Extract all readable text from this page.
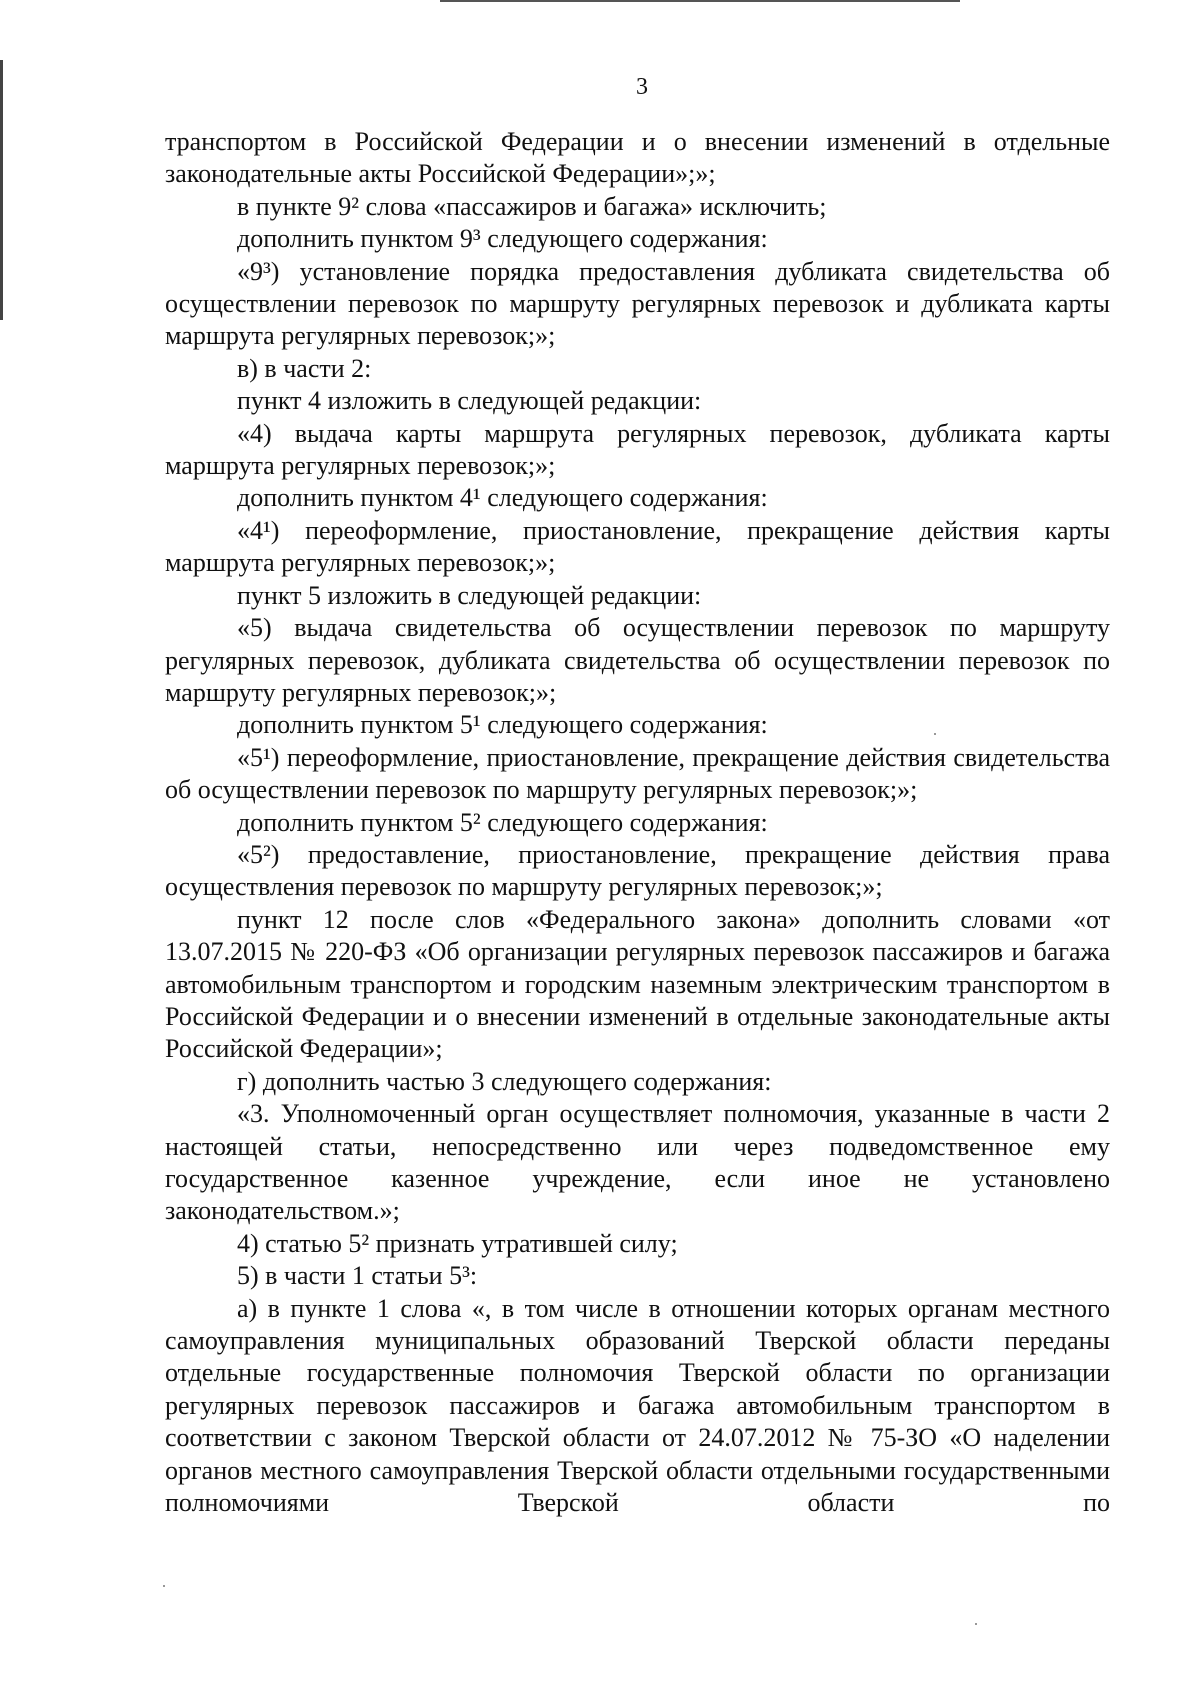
3

транспортом в Российской Федерации и о внесении изменений в отдельные законодательные акты Российской Федерации»;»;

в пункте 9² слова «пассажиров и багажа» исключить;

дополнить пунктом 9³ следующего содержания:

«9³) установление порядка предоставления дубликата свидетельства об осуществлении перевозок по маршруту регулярных перевозок и дубликата карты маршрута регулярных перевозок;»;

в) в части 2:

пункт 4 изложить в следующей редакции:

«4) выдача карты маршрута регулярных перевозок, дубликата карты маршрута регулярных перевозок;»;

дополнить пунктом 4¹ следующего содержания:

«4¹) переоформление, приостановление, прекращение действия карты маршрута регулярных перевозок;»;

пункт 5 изложить в следующей редакции:

«5) выдача свидетельства об осуществлении перевозок по маршруту регулярных перевозок, дубликата свидетельства об осуществлении перевозок по маршруту регулярных перевозок;»;

дополнить пунктом 5¹ следующего содержания:

«5¹) переоформление, приостановление, прекращение действия свидетельства об осуществлении перевозок по маршруту регулярных перевозок;»;

дополнить пунктом 5² следующего содержания:

«5²) предоставление, приостановление, прекращение действия права осуществления перевозок по маршруту регулярных перевозок;»;

пункт 12 после слов «Федерального закона» дополнить словами «от 13.07.2015 № 220-ФЗ «Об организации регулярных перевозок пассажиров и багажа автомобильным транспортом и городским наземным электрическим транспортом в Российской Федерации и о внесении изменений в отдельные законодательные акты Российской Федерации»;

г) дополнить частью 3 следующего содержания:

«3. Уполномоченный орган осуществляет полномочия, указанные в части 2 настоящей статьи, непосредственно или через подведомственное ему государственное казенное учреждение, если иное не установлено законодательством.»;

4) статью 5² признать утратившей силу;

5) в части 1 статьи 5³:

а) в пункте 1 слова «, в том числе в отношении которых органам местного самоуправления муниципальных образований Тверской области переданы отдельные государственные полномочия Тверской области по организации регулярных перевозок пассажиров и багажа автомобильным транспортом в соответствии с законом Тверской области от 24.07.2012 № 75-ЗО «О наделении органов местного самоуправления Тверской области отдельными государственными полномочиями Тверской области по
